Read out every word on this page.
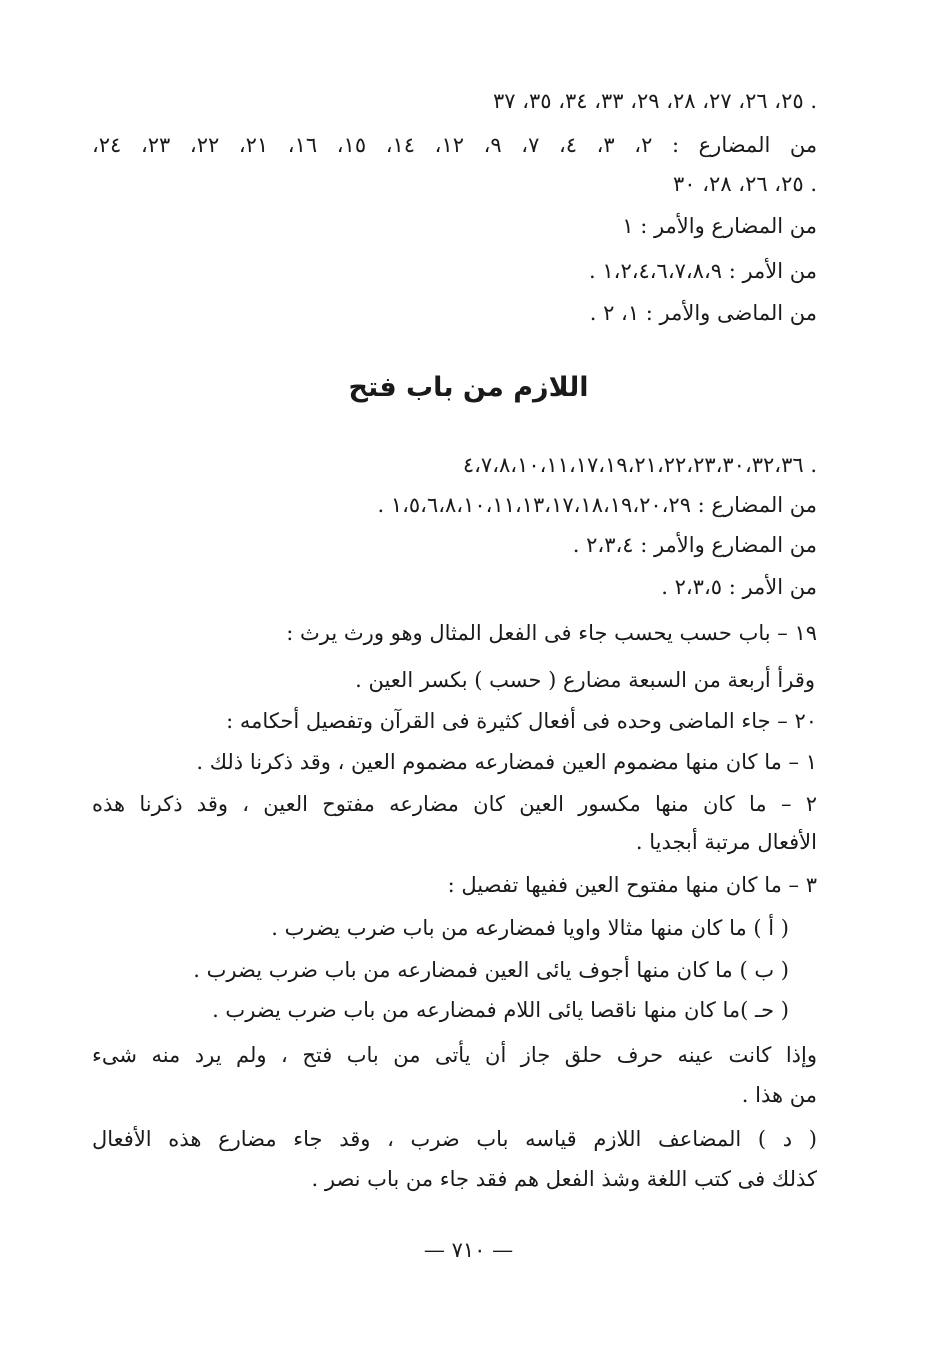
٢٥، ٢٦، ٢٧، ٢٨، ٢٩، ٣٣، ٣٤، ٣٥، ٣٧ .
من المضارع : ٢، ٣، ٤، ٧، ٩، ١٢، ١٤، ١٥، ١٦، ٢١، ٢٢، ٢٣، ٢٤،
٢٥، ٢٦، ٢٨، ٣٠ .
من المضارع والأمر : ١
من الأمر : ١،٢،٤،٦،٧،٨،٩ .
من الماضى والأمر : ١، ٢ .
اللازم من باب فتح
٤،٧،٨،١٠،١١،١٧،١٩،٢١،٢٢،٢٣،٣٠،٣٢،٣٦ .
من المضارع : ١،٥،٦،٨،١٠،١١،١٣،١٧،١٨،١٩،٢٠،٢٩ .
من المضارع والأمر : ٢،٣،٤ .
من الأمر : ٢،٣،٥ .
١٩ – باب حسب يحسب جاء فى الفعل المثال وهو ورث يرث :
وقرأ أربعة من السبعة مضارع ( حسب ) بكسر العين .
٢٠ – جاء الماضى وحده فى أفعال كثيرة فى القرآن وتفصيل أحكامه :
١ – ما كان منها مضموم العين فمضارعه مضموم العين ، وقد ذكرنا ذلك .
٢ – ما كان منها مكسور العين كان مضارعه مفتوح العين ، وقد ذكرنا هذه
الأفعال مرتبة أبجديا .
٣ – ما كان منها مفتوح العين ففيها تفصيل :
( أ ) ما كان منها مثالا واويا فمضارعه من باب ضرب يضرب .
( ب ) ما كان منها أجوف يائى العين فمضارعه من باب ضرب يضرب .
( حـ )ما كان منها ناقصا يائى اللام فمضارعه من باب ضرب يضرب .
وإذا كانت عينه حرف حلق جاز أن يأتى من باب فتح ، ولم يرد منه شىء
من هذا .
( د ) المضاعف اللازم قياسه باب ضرب ، وقد جاء مضارع هذه الأفعال
كذلك فى كتب اللغة وشذ الفعل هم فقد جاء من باب نصر .
— ٧١٠ —
